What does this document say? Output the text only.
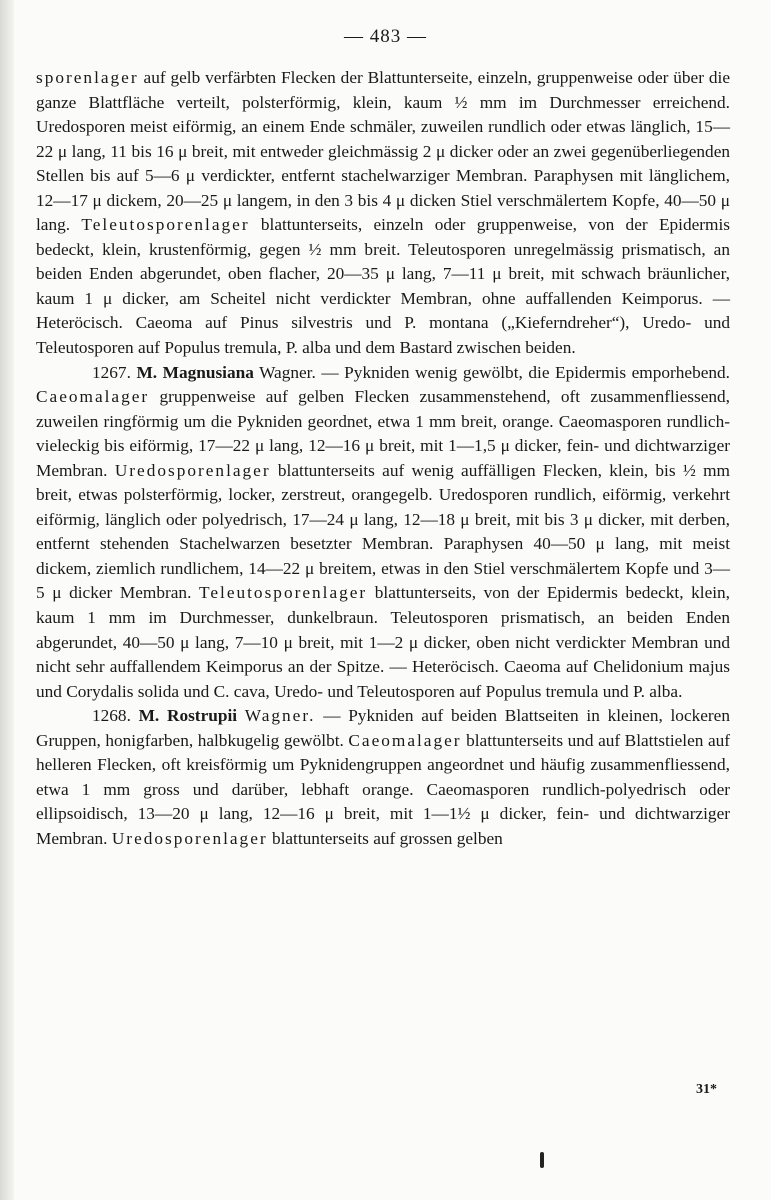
— 483 —

sporenlager auf gelb verfärbten Flecken der Blattunterseite, einzeln, gruppenweise oder über die ganze Blattfläche verteilt, polsterförmig, klein, kaum ½ mm im Durchmesser erreichend. Uredosporen meist eiförmig, an einem Ende schmäler, zuweilen rundlich oder etwas länglich, 15—22 μ lang, 11 bis 16 μ breit, mit entweder gleichmässig 2 μ dicker oder an zwei gegenüberliegenden Stellen bis auf 5—6 μ verdickter, entfernt stachelwarziger Membran. Paraphysen mit länglichem, 12—17 μ dickem, 20—25 μ langem, in den 3 bis 4 μ dicken Stiel verschmälertem Kopfe, 40—50 μ lang. Teleutosporenlager blattunterseits, einzeln oder gruppenweise, von der Epidermis bedeckt, klein, krustenförmig, gegen ½ mm breit. Teleutosporen unregelmässig prismatisch, an beiden Enden abgerundet, oben flacher, 20—35 μ lang, 7—11 μ breit, mit schwach bräunlicher, kaum 1 μ dicker, am Scheitel nicht verdickter Membran, ohne auffallenden Keimporus. — Heteröcisch. Caeoma auf Pinus silvestris und P. montana („Kieferndreher“), Uredo- und Teleutosporen auf Populus tremula, P. alba und dem Bastard zwischen beiden.

1267. M. Magnusiana Wagner. — Pykniden wenig gewölbt, die Epidermis emporhebend. Caeomalager gruppenweise auf gelben Flecken zusammenstehend, oft zusammenfliessend, zuweilen ringförmig um die Pykniden geordnet, etwa 1 mm breit, orange. Caeomasporen rundlich-vieleckig bis eiförmig, 17—22 μ lang, 12—16 μ breit, mit 1—1,5 μ dicker, fein- und dichtwarziger Membran. Uredosporenlager blattunterseits auf wenig auffälligen Flecken, klein, bis ½ mm breit, etwas polsterförmig, locker, zerstreut, orangegelb. Uredosporen rundlich, eiförmig, verkehrt eiförmig, länglich oder polyedrisch, 17—24 μ lang, 12—18 μ breit, mit bis 3 μ dicker, mit derben, entfernt stehenden Stachelwarzen besetzter Membran. Paraphysen 40—50 μ lang, mit meist dickem, ziemlich rundlichem, 14—22 μ breitem, etwas in den Stiel verschmälertem Kopfe und 3—5 μ dicker Membran. Teleutosporenlager blattunterseits, von der Epidermis bedeckt, klein, kaum 1 mm im Durchmesser, dunkelbraun. Teleutosporen prismatisch, an beiden Enden abgerundet, 40—50 μ lang, 7—10 μ breit, mit 1—2 μ dicker, oben nicht verdickter Membran und nicht sehr auffallendem Keimporus an der Spitze. — Heteröcisch. Caeoma auf Chelidonium majus und Corydalis solida und C. cava, Uredo- und Teleutosporen auf Populus tremula und P. alba.

1268. M. Rostrupii Wagner. — Pykniden auf beiden Blattseiten in kleinen, lockeren Gruppen, honigfarben, halbkugelig gewölbt. Caeomalager blattunterseits und auf Blattstielen auf helleren Flecken, oft kreisförmig um Pyknidengruppen angeordnet und häufig zusammenfliessend, etwa 1 mm gross und darüber, lebhaft orange. Caeomasporen rundlich-polyedrisch oder ellipsoidisch, 13—20 μ lang, 12—16 μ breit, mit 1—1½ μ dicker, fein- und dichtwarziger Membran. Uredosporenlager blattunterseits auf grossen gelben

31*
